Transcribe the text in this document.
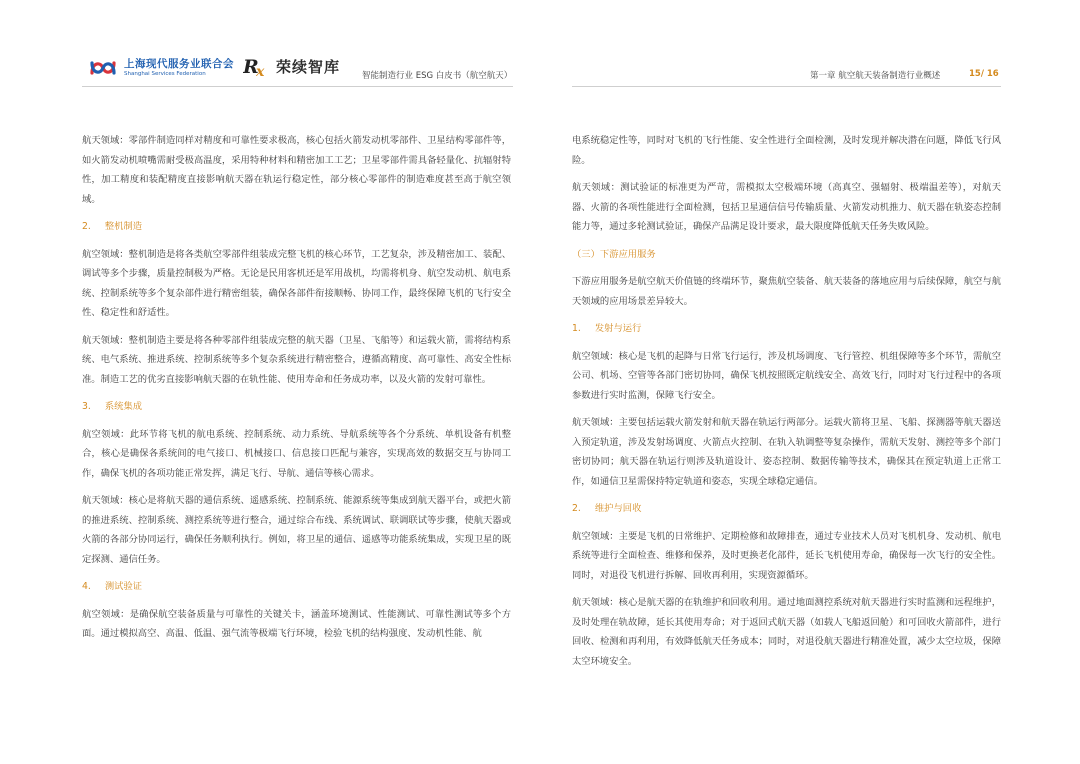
上海现代服务业联合会
Shanghai Services Federation	R
x 荣续智库
智能制造行业 ESG 白皮书（航空航天）	第一章 航空航天装备制造行业概述	15/ 16

航天领域：零部件制造同样对精度和可靠性要求极高，核心包括火箭发动机零部件、卫星结构零部件等，如火箭发动机喷嘴需耐受极高温度，采用特种材料和精密加工工艺；卫星零部件需具备轻量化、抗辐射特性，加工精度和装配精度直接影响航天器在轨运行稳定性，部分核心零部件的制造难度甚至高于航空领域。

2. 整机制造

航空领域：整机制造是将各类航空零部件组装成完整飞机的核心环节，工艺复杂，涉及精密加工、装配、调试等多个步骤，质量控制极为严格。无论是民用客机还是军用战机，均需将机身、航空发动机、航电系统、控制系统等多个复杂部件进行精密组装，确保各部件衔接顺畅、协同工作，最终保障飞机的飞行安全性、稳定性和舒适性。

航天领域：整机制造主要是将各种零部件组装成完整的航天器（卫星、飞船等）和运载火箭，需将结构系统、电气系统、推进系统、控制系统等多个复杂系统进行精密整合，遵循高精度、高可靠性、高安全性标准。制造工艺的优劣直接影响航天器的在轨性能、使用寿命和任务成功率，以及火箭的发射可靠性。

3. 系统集成

航空领域：此环节将飞机的航电系统、控制系统、动力系统、导航系统等各个分系统、单机设备有机整合，核心是确保各系统间的电气接口、机械接口、信息接口匹配与兼容，实现高效的数据交互与协同工作，确保飞机的各项功能正常发挥，满足飞行、导航、通信等核心需求。

航天领域：核心是将航天器的通信系统、遥感系统、控制系统、能源系统等集成到航天器平台，或把火箭的推进系统、控制系统、测控系统等进行整合，通过综合布线、系统调试、联调联试等步骤，使航天器或火箭的各部分协同运行，确保任务顺利执行。例如，将卫星的通信、遥感等功能系统集成，实现卫星的既定探测、通信任务。

4. 测试验证

航空领域：是确保航空装备质量与可靠性的关键关卡，涵盖环境测试、性能测试、可靠性测试等多个方面。通过模拟高空、高温、低温、强气流等极端飞行环境，检验飞机的结构强度、发动机性能、航

电系统稳定性等，同时对飞机的飞行性能、安全性进行全面检测，及时发现并解决潜在问题，降低飞行风险。

航天领域：测试验证的标准更为严苛，需模拟太空极端环境（高真空、强辐射、极端温差等），对航天器、火箭的各项性能进行全面检测，包括卫星通信信号传输质量、火箭发动机推力、航天器在轨姿态控制能力等，通过多轮测试验证，确保产品满足设计要求，最大限度降低航天任务失败风险。

（三）下游应用服务

下游应用服务是航空航天价值链的终端环节，聚焦航空装备、航天装备的落地应用与后续保障，航空与航天领域的应用场景差异较大。

1. 发射与运行

航空领域：核心是飞机的起降与日常飞行运行，涉及机场调度、飞行管控、机组保障等多个环节，需航空公司、机场、空管等各部门密切协同，确保飞机按照既定航线安全、高效飞行，同时对飞行过程中的各项参数进行实时监测，保障飞行安全。

航天领域：主要包括运载火箭发射和航天器在轨运行两部分。运载火箭将卫星、飞船、探测器等航天器送入预定轨道，涉及发射场调度、火箭点火控制、在轨入轨调整等复杂操作，需航天发射、测控等多个部门密切协同；航天器在轨运行则涉及轨道设计、姿态控制、数据传输等技术，确保其在预定轨道上正常工作，如通信卫星需保持特定轨道和姿态，实现全球稳定通信。

2. 维护与回收

航空领域：主要是飞机的日常维护、定期检修和故障排查，通过专业技术人员对飞机机身、发动机、航电系统等进行全面检查、维修和保养，及时更换老化部件，延长飞机使用寿命，确保每一次飞行的安全性。同时，对退役飞机进行拆解、回收再利用，实现资源循环。

航天领域：核心是航天器的在轨维护和回收利用。通过地面测控系统对航天器进行实时监测和远程维护，及时处理在轨故障，延长其使用寿命；对于返回式航天器（如载人飞船返回舱）和可回收火箭部件，进行回收、检测和再利用，有效降低航天任务成本；同时，对退役航天器进行精准处置，减少太空垃圾，保障太空环境安全。
